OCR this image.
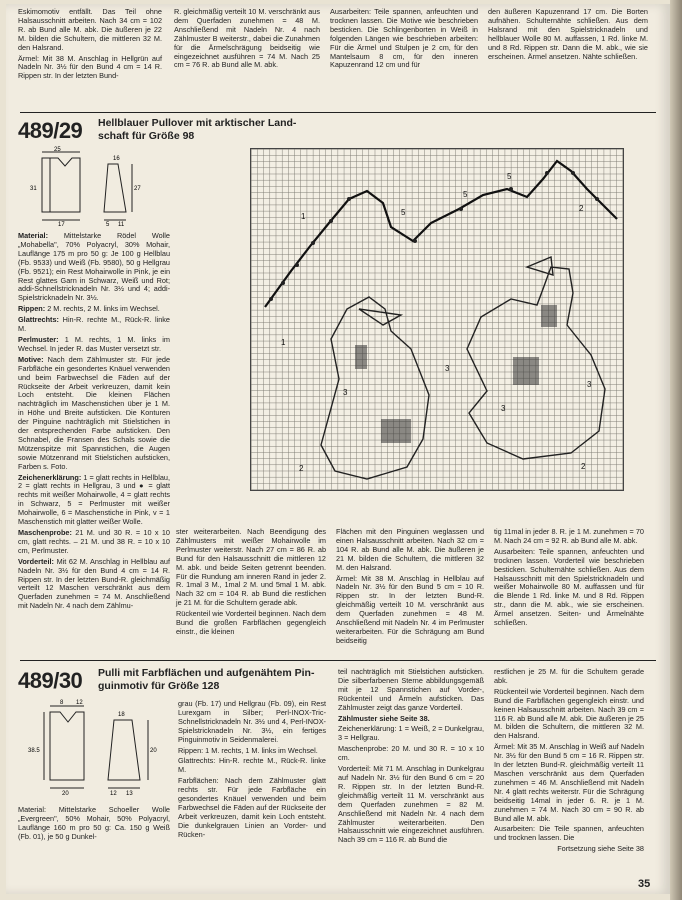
Eskimomotiv entfällt. Das Teil ohne Halsausschnitt arbeiten. Nach 34 cm = 102 R. ab Bund alle M. abk. Die äußeren je 22 M. bilden die Schultern, die mittleren 32 M. den Halsrand.

Ärmel: Mit 38 M. Anschlag in Hellgrün auf Nadeln Nr. 3½ für den Bund 4 cm = 14 R. Rippen str. In der letzten Bund-

R. gleichmäßig verteilt 10 M. verschränkt aus dem Querfaden zunehmen = 48 M. Anschließend mit Nadeln Nr. 4 nach Zählmuster B weiterstr., dabei die Zunahmen für die Ärmelschrägung beidseitig wie eingezeichnet ausführen = 74 M. Nach 25 cm = 76 R. ab Bund alle M. abk.

Ausarbeiten: Teile spannen, anfeuchten und trocknen lassen. Die Motive wie beschrieben besticken. Die Schlingenborten in Weiß in folgenden Längen wie beschrieben arbeiten: Für die Ärmel und Stulpen je 2 cm, für den Mantelsaum 8 cm, für den inneren Kapuzenrand 12 cm und für

den äußeren Kapuzenrand 17 cm. Die Borten aufnähen. Schulternähte schließen. Aus dem Halsrand mit den Spielstricknadeln und hellblauer Wolle 80 M. auffassen, 1 Rd. linke M. und 8 Rd. Rippen str. Dann die M. abk., wie sie erscheinen. Ärmel ansetzen. Nähte schließen.

489/29 Hellblauer Pullover mit arktischer Land-
schaft für Größe 98
25
16
27
31
17	5 11

Material: Mittelstarke Rödel Wolle „Mohabella", 70% Polyacryl, 30% Mohair, Lauflänge 175 m pro 50 g: Je 100 g Hellblau (Fb. 9533) und Weiß (Fb. 9580), 50 g Hellgrau (Fb. 9521); ein Rest Mohairwolle in Pink, je ein Rest glattes Garn in Schwarz, Weiß und Rot; addi-Schnellstricknadeln Nr. 3½ und 4; addi-Spielstricknadeln Nr. 3½.

Rippen: 2 M. rechts, 2 M. links im Wechsel.

Glattrechts: Hin-R. rechte M., Rück-R. linke M.

Perlmuster: 1 M. rechts, 1 M. links im Wechsel. In jeder R. das Muster versetzt str.

Motive: Nach dem Zählmuster str. Für jede Farbfläche ein gesondertes Knäuel verwenden und beim Farbwechsel die Fäden auf der Rückseite der Arbeit verkreuzen, damit kein Loch entsteht. Die kleinen Flächen nachträglich im Maschenstichen über je 1 M. in Höhe und Breite aufsticken. Die Konturen der Pinguine nachträglich mit Stielstichen in der entsprechenden Farbe aufsticken. Den Schnabel, die Fransen des Schals sowie die Mützenspitze mit Spannstichen, die Augen sowie Mützenrand mit Stielstichen aufsticken, Farben s. Foto.

Zeichenerklärung: 1 = glatt rechts in Hellblau, 2 = glatt rechts in Hellgrau, 3 und ● = glatt rechts mit weißer Mohairwolle, 4 = glatt rechts in Schwarz, 5 = Perlmuster mit weißer Mohairwolle, 6 = Maschenstiche in Pink, v = 1 Maschenstich mit glatter weißer Wolle.

Maschenprobe: 21 M. und 30 R. = 10 x 10 cm, glatt rechts. – 21 M. und 38 R. = 10 x 10 cm, Perlmuster.

Vorderteil: Mit 62 M. Anschlag in Hellblau auf Nadeln Nr. 3½ für den Bund 4 cm = 14 R. Rippen str. In der letzten Bund-R. gleichmäßig verteilt 12 Maschen verschränkt aus dem Querfaden zunehmen = 74 M. Anschließend mit Nadeln Nr. 4 nach dem Zählmu-

1	5
5
5
2
1
3
3
3
3
2	2

ster weiterarbeiten. Nach Beendigung des Zählmusters mit weißer Mohairwolle im Perlmuster weiterstr. Nach 27 cm = 86 R. ab Bund für den Halsausschnitt die mittleren 12 M. abk. und beide Seiten getrennt beenden. Für die Rundung am inneren Rand in jeder 2. R. 1mal 3 M., 1mal 2 M. und 5mal 1 M. abk. Nach 32 cm = 104 R. ab Bund die restlichen je 21 M. für die Schultern gerade abk.

Rückenteil wie Vorderteil beginnen. Nach dem Bund die großen Farbflächen gegengleich einstr., die kleinen

Flächen mit den Pinguinen weglassen und einen Halsausschnitt arbeiten. Nach 32 cm = 104 R. ab Bund alle M. abk. Die äußeren je 21 M. bilden die Schultern, die mittleren 32 M. den Halsrand.

Ärmel: Mit 38 M. Anschlag in Hellblau auf Nadeln Nr. 3½ für den Bund 5 cm = 10 R. Rippen str. In der letzten Bund-R. gleichmäßig verteilt 10 M. verschränkt aus dem Querfaden zunehmen = 48 M. Anschließend mit Nadeln Nr. 4 im Perlmuster weiterarbeiten. Für die Schrägung am Bund beidseitig

tig 11mal in jeder 8. R. je 1 M. zunehmen = 70 M. Nach 24 cm = 92 R. ab Bund alle M. abk.

Ausarbeiten: Teile spannen, anfeuchten und trocknen lassen. Vorderteil wie beschrieben besticken. Schulternähte schließen. Aus dem Halsausschnitt mit den Spielstricknadeln und weißer Mohairwolle 80 M. auffassen und für die Blende 1 Rd. linke M. und 8 Rd. Rippen str., dann die M. abk., wie sie erscheinen. Ärmel ansetzen. Seiten- und Ärmelnähte schließen.

489/30 Pulli mit Farbflächen und aufgenähtem Pin-
guinmotiv für Größe 128
8 12
38.5
18
20
20	12 13

Material: Mittelstarke Schoeller Wolle „Evergreen", 50% Mohair, 50% Polyacryl, Lauflänge 160 m pro 50 g: Ca. 150 g Weiß (Fb. 01), je 50 g Dunkel-

grau (Fb. 17) und Hellgrau (Fb. 09), ein Rest Lurexgarn in Silber; Perl-INOX-Tric-Schnellstricknadeln Nr. 3½ und 4, Perl-INOX-Spielstricknadeln Nr. 3½, ein fertiges Pinguinmotiv in Seidenmalerei.

Rippen: 1 M. rechts, 1 M. links im Wechsel.

Glattrechts: Hin-R. rechte M., Rück-R. linke M.

Farbflächen: Nach dem Zählmuster glatt rechts str. Für jede Farbfläche ein gesondertes Knäuel verwenden und beim Farbwechsel die Fäden auf der Rückseite der Arbeit verkreuzen, damit kein Loch entsteht. Die dunkelgrauen Linien an Vorder- und Rücken-

teil nachträglich mit Stielstichen aufsticken. Die silberfarbenen Sterne abbildungsgemäß mit je 12 Spannstichen auf Vorder-, Rückenteil und Ärmeln aufsticken. Das Zählmuster zeigt das ganze Vorderteil.

Zählmuster siehe Seite 38.

Zeichenerklärung: 1 = Weiß, 2 = Dunkelgrau, 3 = Hellgrau.

Maschenprobe: 20 M. und 30 R. = 10 x 10 cm.

Vorderteil: Mit 71 M. Anschlag in Dunkelgrau auf Nadeln Nr. 3½ für den Bund 6 cm = 20 R. Rippen str. In der letzten Bund-R. gleichmäßig verteilt 11 M. verschränkt aus dem Querfaden zunehmen = 82 M. Anschließend mit Nadeln Nr. 4 nach dem Zählmuster weiterarbeiten. Den Halsausschnitt wie eingezeichnet ausführen. Nach 39 cm = 116 R. ab Bund die

restlichen je 25 M. für die Schultern gerade abk.

Rückenteil wie Vorderteil beginnen. Nach dem Bund die Farbflächen gegengleich einstr. und keinen Halsausschnitt arbeiten. Nach 39 cm = 116 R. ab Bund alle M. abk. Die äußeren je 25 M. bilden die Schultern, die mittleren 32 M. den Halsrand.

Ärmel: Mit 35 M. Anschlag in Weiß auf Nadeln Nr. 3½ für den Bund 5 cm = 16 R. Rippen str. In der letzten Bund-R. gleichmäßig verteilt 11 Maschen verschränkt aus dem Querfaden zunehmen = 46 M. Anschließend mit Nadeln Nr. 4 glatt rechts weiterstr. Für die Schrägung beidseitig 14mal in jeder 6. R. je 1 M. zunehmen = 74 M. Nach 30 cm = 90 R. ab Bund alle M. abk.

Ausarbeiten: Die Teile spannen, anfeuchten und trocknen lassen. Die

Fortsetzung siehe Seite 38

35
